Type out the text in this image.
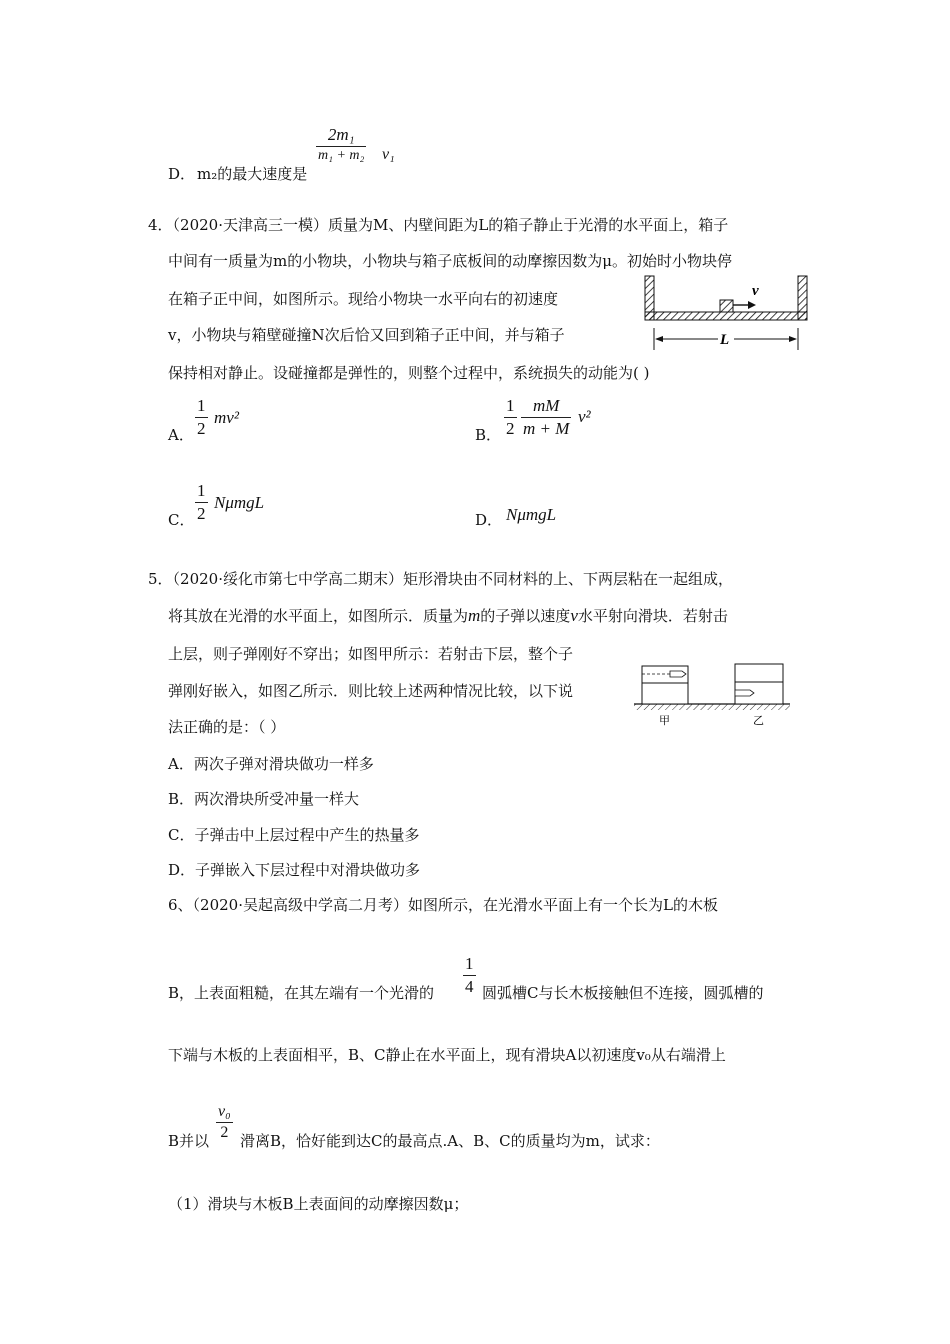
D． m₂的最大速度是
2m₁
m₁ + m₂ v₁
4．（2020·天津高三一模）质量为M、内壁间距为L的箱子静止于光滑的水平面上，箱子
中间有一质量为m的小物块，小物块与箱子底板间的动摩擦因数为μ。初始时小物块停
在箱子正中间，如图所示。现给小物块一水平向右的初速度
v，小物块与箱壁碰撞N次后恰又回到箱子正中间，并与箱子
保持相对静止。设碰撞都是弹性的，则整个过程中，系统损失的动能为( )
v
L
A． $\frac{1}{2} mv^2$
B． $\frac{1}{2} \frac{mM}{m + M} v^2$
C． $\frac{1}{2}$ NμmgL
D． NμmgL
5．（2020·绥化市第七中学高二期末）矩形滑块由不同材料的上、下两层粘在一起组成，
将其放在光滑的水平面上，如图所示．质量为m的子弹以速度v水平射向滑块．若射击
上层，则子弹刚好不穿出；如图甲所示：若射击下层，整个子
弹刚好嵌入，如图乙所示．则比较上述两种情况比较，以下说
法正确的是：（ ）	甲	乙
A．两次子弹对滑块做功一样多
B．两次滑块所受冲量一样大
C．子弹击中上层过程中产生的热量多
D．子弹嵌入下层过程中对滑块做功多
6、（2020·吴起高级中学高二月考）如图所示，在光滑水平面上有一个长为L的木板
B，上表面粗糙，在其左端有一个光滑的 $\frac{1}{4}$ 圆弧槽C与长木板接触但不连接，圆弧槽的
下端与木板的上表面相平，B、C静止在水平面上，现有滑块A以初速度v₀从右端滑上
B并以 $\frac{\text{v₀}}{2}$ 滑离B，恰好能到达C的最高点.A、B、C的质量均为m，试求：
（1）滑块与木板B上表面间的动摩擦因数μ；
